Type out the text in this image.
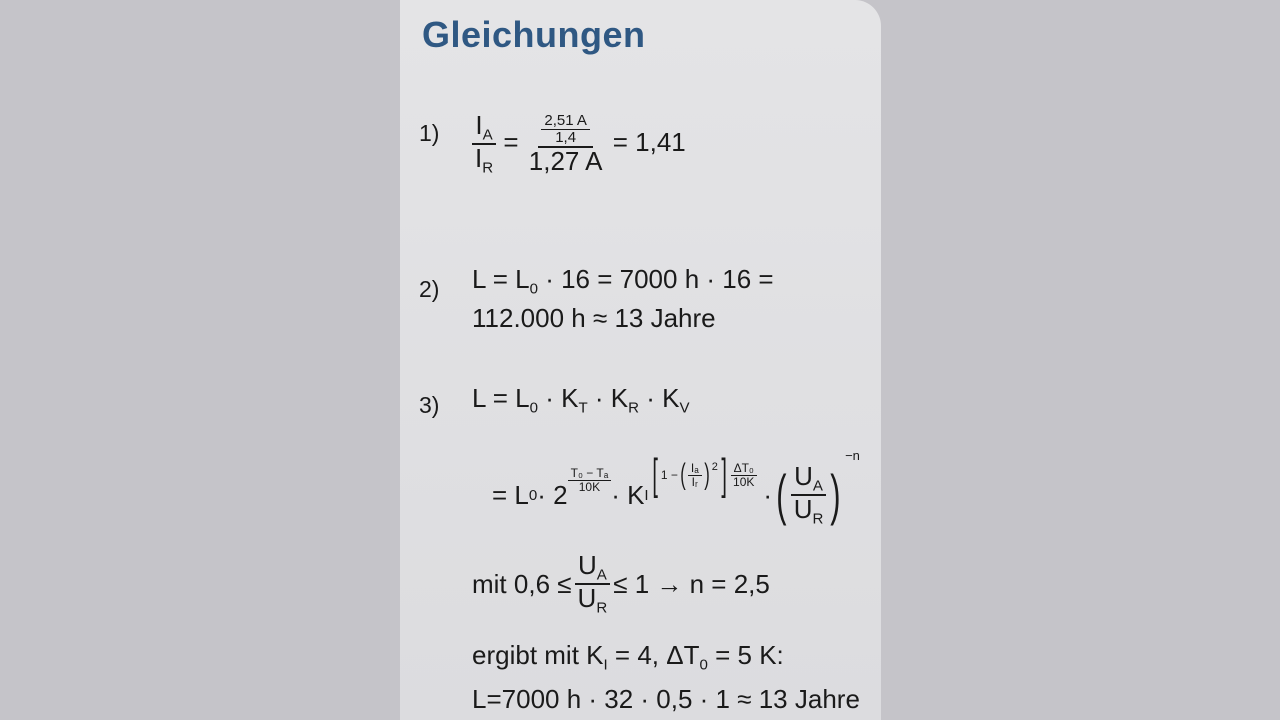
Gleichungen
$1) \frac{I_A}{I_R} = \frac{\frac{2,51 A}{1,4}}{1,27 A} = 1,41$
2) $L = L_0 \cdot 16 = 7000$ h · 16 =
112.000 h ≈ 13 Jahre
3) $L = L_0 \cdot K_T \cdot K_R \cdot K_V$
= L $0 \cdot 2 \frac{\text{T₀ − Tₐ}}{10K} \cdot K$ I [ 1 − ( $\frac{\text{Iₐ}}{\text{Iᵣ}}$ ) 2 ] $\frac{\text{ΔT₀}}{10K}$
· ( $\frac{U_A}{U_R}$ )
−n
mit $0,6 \le \frac{U_A}{U_R} \le 1 \to n = 2,5$
ergibt mit $K_I = 4$, $\Delta T_0 = 5$ K:
L=7000 h · 32 · 0,5 · 1 ≈ 13 Jahre
